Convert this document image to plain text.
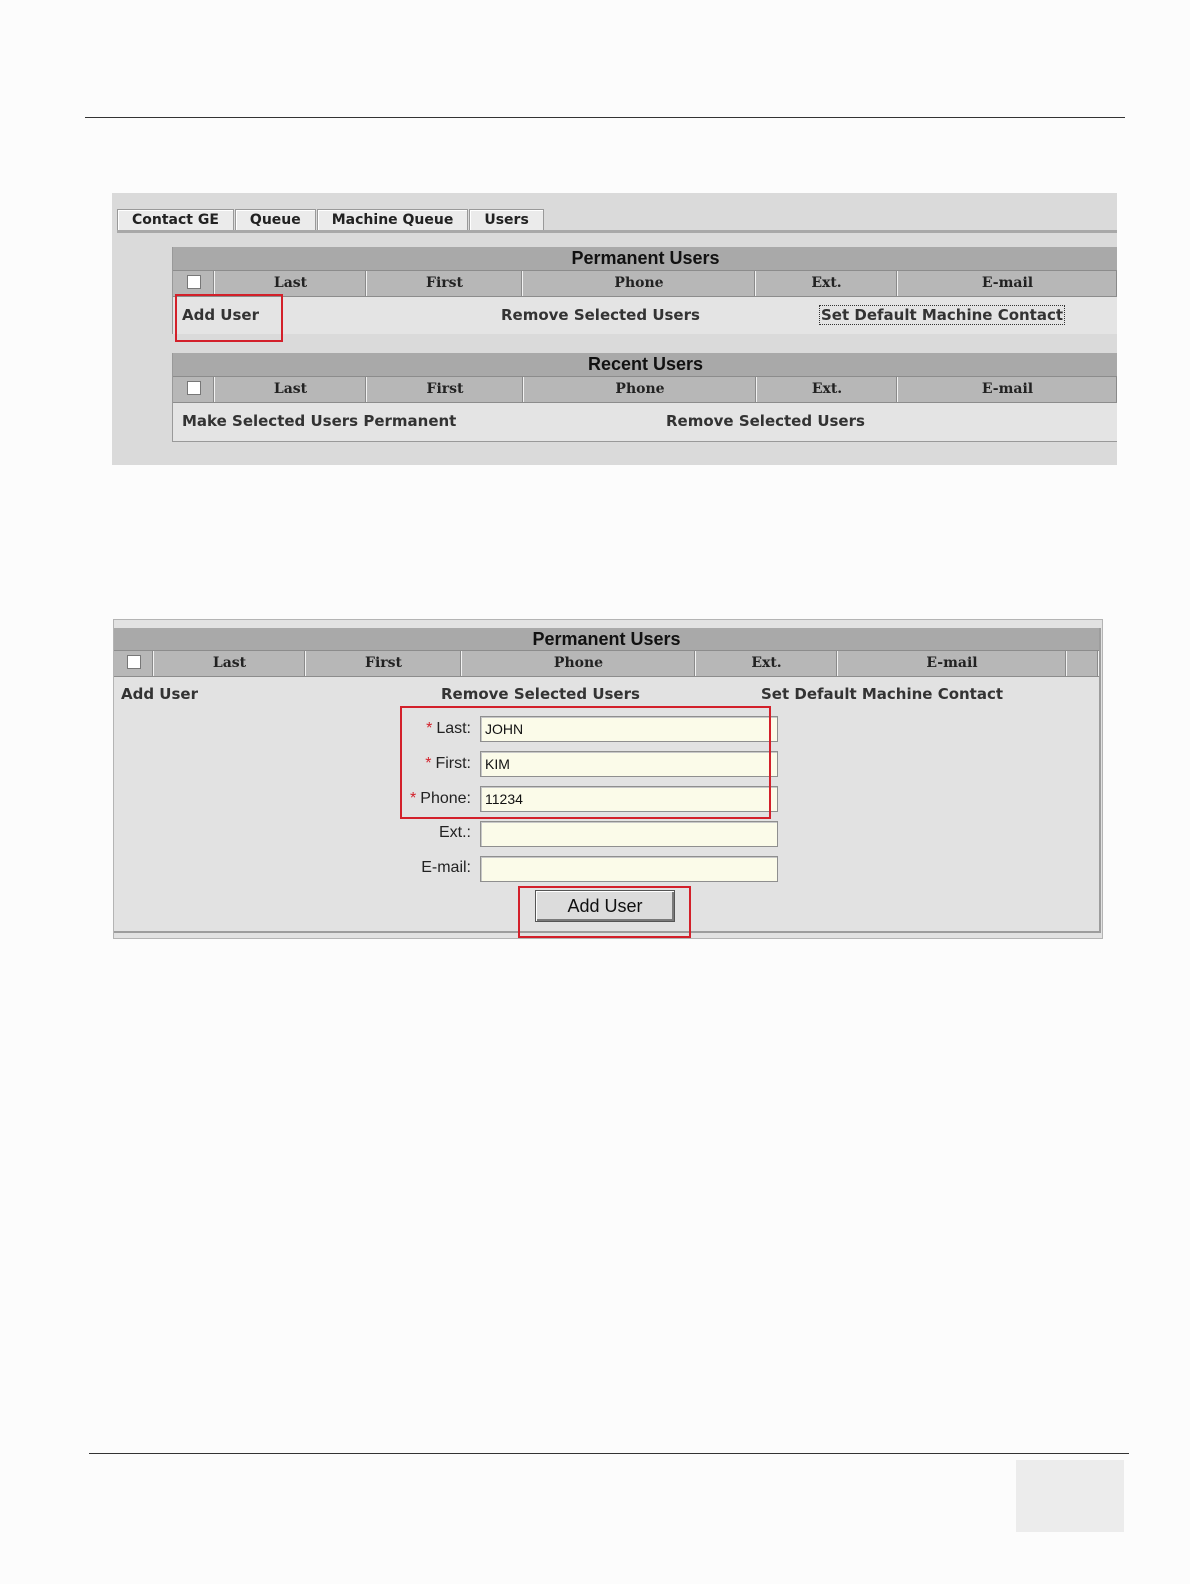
Contact GE	Queue	Machine Queue	Users
Permanent Users
Last	First	Phone	Ext.	E-mail
Add User	Remove Selected Users	Set Default Machine Contact
Recent Users
Last	First	Phone	Ext.	E-mail
Make Selected Users Permanent	Remove Selected Users
Permanent Users
Last	First	Phone	Ext.	E-mail
Add User	Remove Selected Users	Set Default Machine Contact
* Last:	JOHN
* First:	KIM
* Phone:	11234
Ext.:
E-mail:
Add User
